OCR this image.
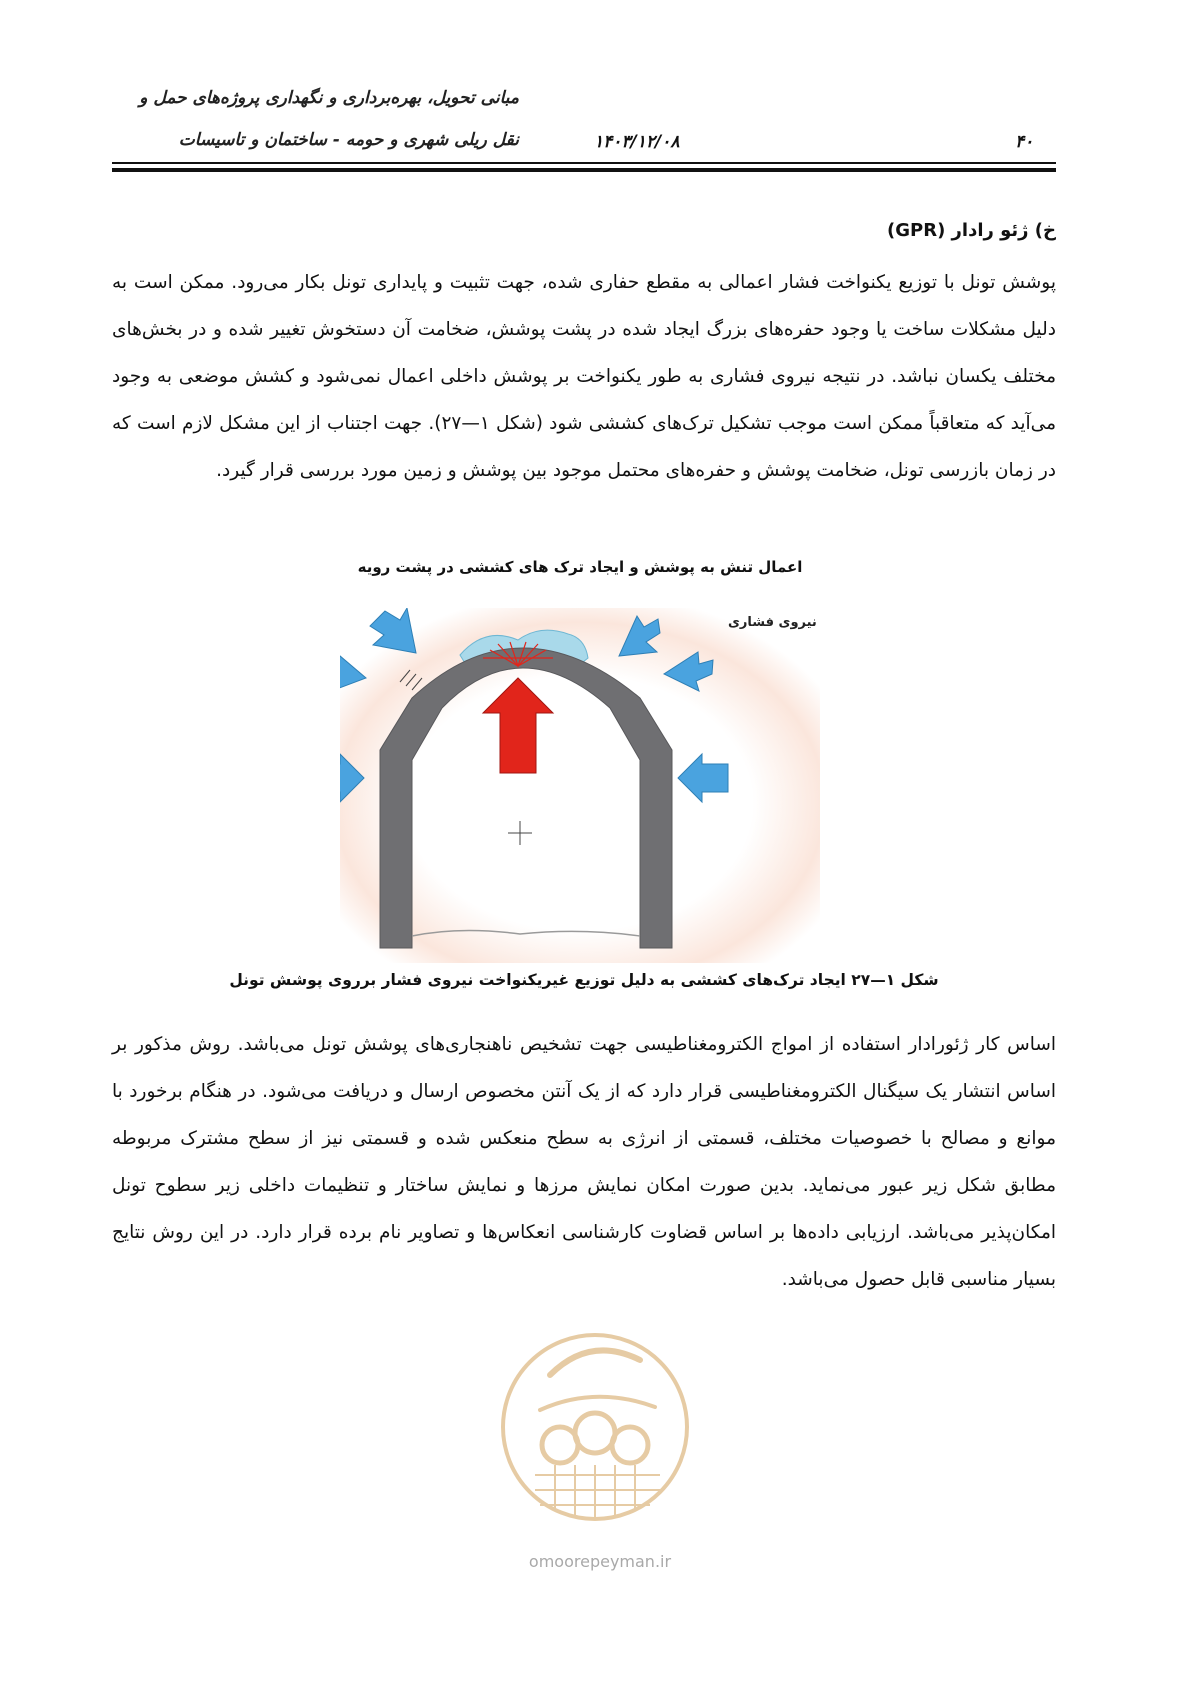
مبانی تحویل، بهره‌برداری و نگهداری پروژه‌های حمل و
نقل ریلی شهری و حومه - ساختمان و تاسیسات	۱۴۰۳/۱۲/۰۸	۴۰
خ) ژئو رادار (GPR)

پوشش تونل با توزیع یکنواخت فشار اعمالی به مقطع حفاری شده، جهت تثبیت و پایداری تونل بکار می‌رود. ممکن است به دلیل مشکلات ساخت یا وجود حفره‌های بزرگ ایجاد شده در پشت پوشش، ضخامت آن دستخوش تغییر شده و در بخش‌های مختلف یکسان نباشد. در نتیجه نیروی فشاری به طور یکنواخت بر پوشش داخلی اعمال نمی‌شود و کشش موضعی به وجود می‌آید که متعاقباً ممکن است موجب تشکیل ترک‌های کششی شود (شکل ۱—۲۷). جهت اجتناب از این مشکل لازم است که در زمان بازرسی تونل، ضخامت پوشش و حفره‌های محتمل موجود بین پوشش و زمین مورد بررسی قرار گیرد.

اعمال تنش به پوشش و ایجاد ترک های کششی در پشت رویه
نیروی فشاری
شکل ۱—۲۷ ایجاد ترک‌های کششی به دلیل توزیع غیریکنواخت نیروی فشار برروی پوشش تونل

اساس کار ژئورادار استفاده از امواج الکترومغناطیسی جهت تشخیص ناهنجاری‌های پوشش تونل می‌باشد. روش مذکور بر اساس انتشار یک سیگنال الکترومغناطیسی قرار دارد که از یک آنتن مخصوص ارسال و دریافت می‌شود. در هنگام برخورد با موانع و مصالح با خصوصیات مختلف، قسمتی از انرژی به سطح منعکس شده و قسمتی نیز از سطح مشترک مربوطه مطابق شکل زیر عبور می‌نماید. بدین صورت امکان نمایش مرزها و نمایش ساختار و تنظیمات داخلی زیر سطوح تونل امکان‌پذیر می‌باشد. ارزیابی داده‌ها بر اساس قضاوت کارشناسی انعکاس‌ها و تصاویر نام برده قرار دارد. در این روش نتایج بسیار مناسبی قابل حصول می‌باشد.

omoorepeyman.ir
